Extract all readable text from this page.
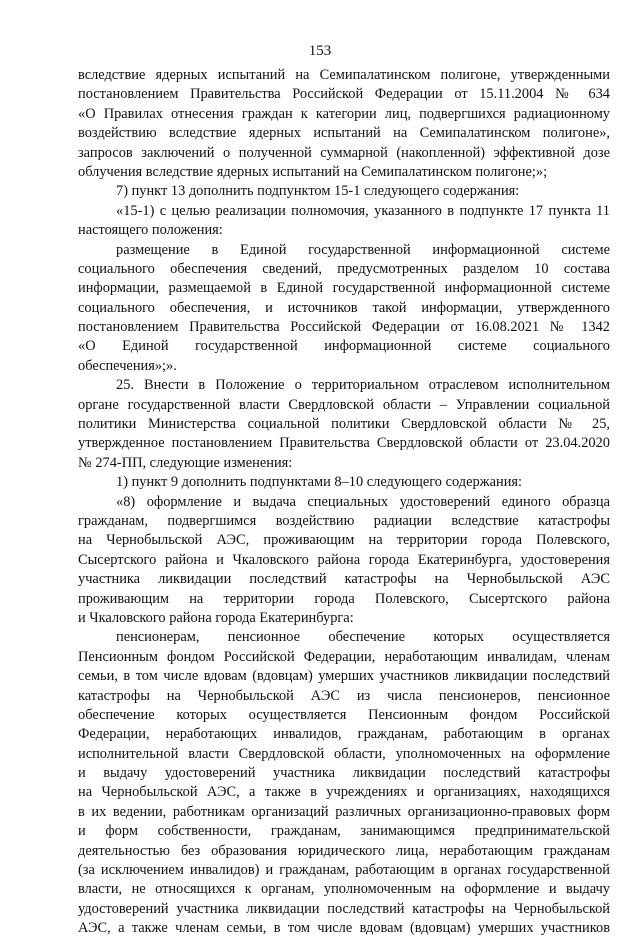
153
вследствие ядерных испытаний на Семипалатинском полигоне, утвержденными
постановлением Правительства Российской Федерации от 15.11.2004 № 634
«О Правилах отнесения граждан к категории лиц, подвергшихся радиационному
воздействию вследствие ядерных испытаний на Семипалатинском полигоне»,
запросов заключений о полученной суммарной (накопленной) эффективной дозе
облучения вследствие ядерных испытаний на Семипалатинском полигоне;»;
7) пункт 13 дополнить подпунктом 15-1 следующего содержания:
«15-1) с целью реализации полномочия, указанного в подпункте 17 пункта 11
настоящего положения:
размещение в Единой государственной информационной системе
социального обеспечения сведений, предусмотренных разделом 10 состава
информации, размещаемой в Единой государственной информационной системе
социального обеспечения, и источников такой информации, утвержденного
постановлением Правительства Российской Федерации от 16.08.2021 № 1342
«О Единой государственной информационной системе социального
обеспечения»;».
25. Внести в Положение о территориальном отраслевом исполнительном
органе государственной власти Свердловской области – Управлении социальной
политики Министерства социальной политики Свердловской области № 25,
утвержденное постановлением Правительства Свердловской области от 23.04.2020
№ 274-ПП, следующие изменения:
1) пункт 9 дополнить подпунктами 8–10 следующего содержания:
«8) оформление и выдача специальных удостоверений единого образца
гражданам, подвергшимся воздействию радиации вследствие катастрофы
на Чернобыльской АЭС, проживающим на территории города Полевского,
Сысертского района и Чкаловского района города Екатеринбурга, удостоверения
участника ликвидации последствий катастрофы на Чернобыльской АЭС
проживающим на территории города Полевского, Сысертского района
и Чкаловского района города Екатеринбурга:
пенсионерам, пенсионное обеспечение которых осуществляется
Пенсионным фондом Российской Федерации, неработающим инвалидам, членам
семьи, в том числе вдовам (вдовцам) умерших участников ликвидации последствий
катастрофы на Чернобыльской АЭС из числа пенсионеров, пенсионное
обеспечение которых осуществляется Пенсионным фондом Российской
Федерации, неработающих инвалидов, гражданам, работающим в органах
исполнительной власти Свердловской области, уполномоченных на оформление
и выдачу удостоверений участника ликвидации последствий катастрофы
на Чернобыльской АЭС, а также в учреждениях и организациях, находящихся
в их ведении, работникам организаций различных организационно-правовых форм
и форм собственности, гражданам, занимающимся предпринимательской
деятельностью без образования юридического лица, неработающим гражданам
(за исключением инвалидов) и гражданам, работающим в органах государственной
власти, не относящихся к органам, уполномоченным на оформление и выдачу
удостоверений участника ликвидации последствий катастрофы на Чернобыльской
АЭС, а также членам семьи, в том числе вдовам (вдовцам) умерших участников
